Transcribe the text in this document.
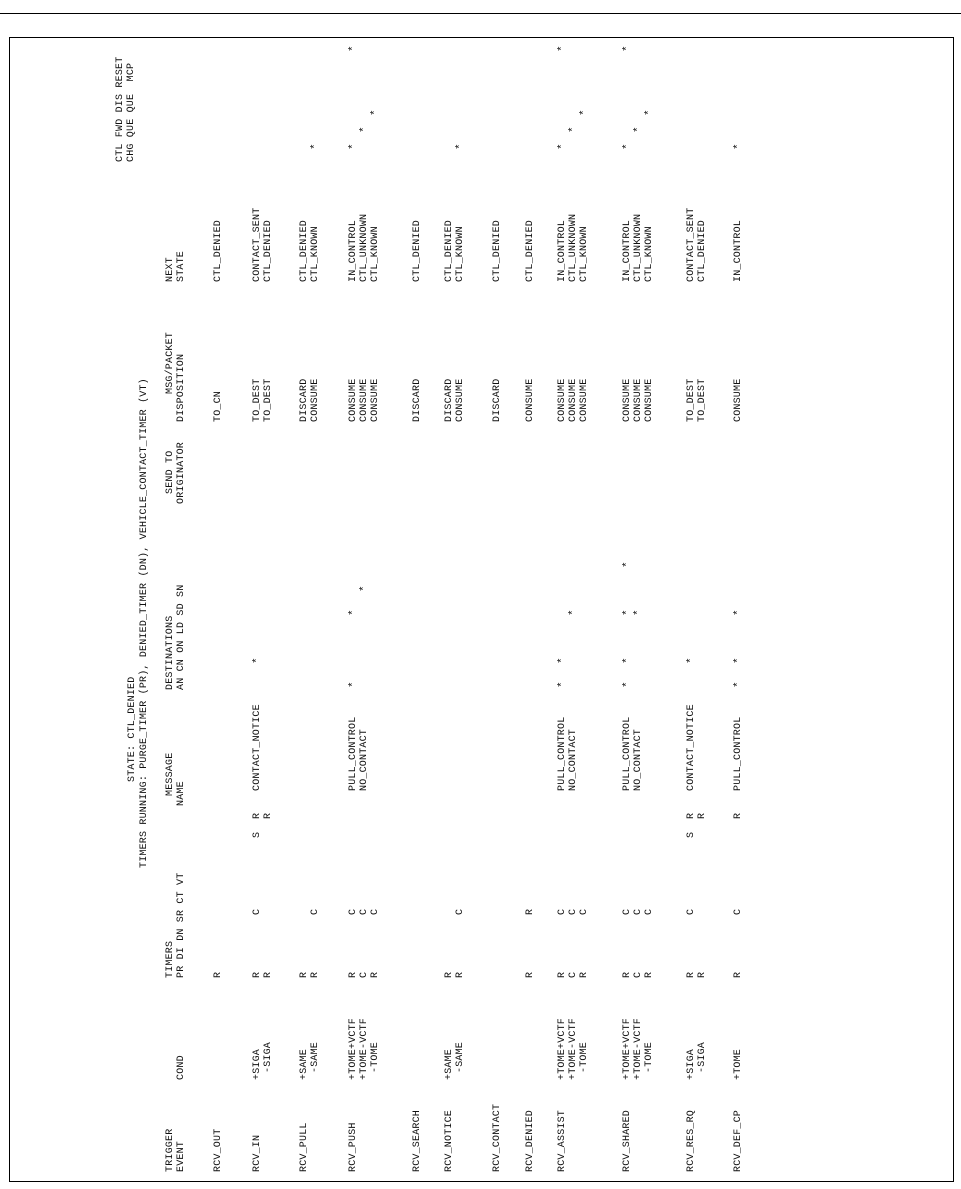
STATE: CTL_DENIED TIMERS RUNNING: PURGE_TIMER (PR), DENIED_TIMER (DN), VEHICLE_CONTACT_TIMER (VT)
TRIGGER EVENT
COND
TIMERS PR DI DN SR CT VT
MESSAGE NAME
DESTINATIONS AN CN ON LD SD SN
SEND TO ORIGINATOR
MSG/PACKET DISPOSITION
NEXT STATE
CTL FWD DIS RESET CHG QUE QUE  MCP
RCV_OUT
R
TO_CN
CTL_DENIED
RCV_IN
+SIGA
R
C
S
R
CONTACT_NOTICE
TO_DEST
CONTACT_SENT
*
-SIGA
R
R
TO_DEST
CTL_DENIED
RCV_PULL
+SAME
R
DISCARD
CTL_DENIED
-SAME
R
C
CONSUME
CTL_KNOWN
*
RCV_PUSH
+TOME+VCTF
R
C
PULL_CONTROL
CONSUME
IN_CONTROL
*
*
*
*
+TOME-VCTF
C
C
NO_CONTACT
CONSUME
CTL_UNKNOWN
*
*
-TOME
R
C
CONSUME
CTL_KNOWN
*
RCV_SEARCH
DISCARD
CTL_DENIED
RCV_NOTICE
+SAME
R
DISCARD
CTL_DENIED
-SAME
R
C
CONSUME
CTL_KNOWN
*
RCV_CONTACT
DISCARD
CTL_DENIED
RCV_DENIED
R
R
CONSUME
CTL_DENIED
RCV_ASSIST
+TOME+VCTF
R
C
PULL_CONTROL
CONSUME
IN_CONTROL
*
*
*
*
+TOME-VCTF
C
C
NO_CONTACT
CONSUME
CTL_UNKNOWN
*
*
-TOME
R
C
CONSUME
CTL_KNOWN
*
RCV_SHARED
+TOME+VCTF
R
C
PULL_CONTROL
CONSUME
IN_CONTROL
*
*
*
*
*
*
+TOME-VCTF
C
C
NO_CONTACT
CONSUME
CTL_UNKNOWN
*
*
-TOME
R
C
CONSUME
CTL_KNOWN
*
RCV_RES_RQ
+SIGA
R
C
S
R
CONTACT_NOTICE
TO_DEST
CONTACT_SENT
*
-SIGA
R
R
TO_DEST
CTL_DENIED
RCV_DEF_CP
+TOME
R
C
R
PULL_CONTROL
CONSUME
IN_CONTROL
*
*
*
*
